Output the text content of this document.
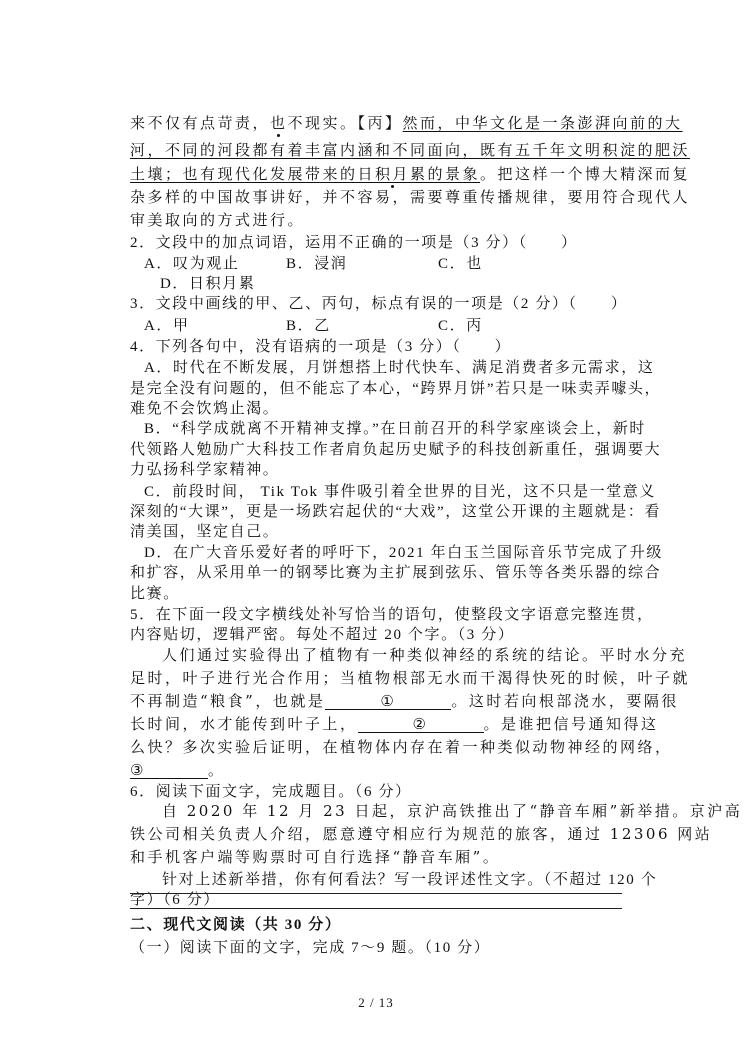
来不仅有点苛责，也不现实。【丙】然而，中华文化是一条澎湃向前的大
河，不同的河段都有着丰富内涵和不同面向，既有五千年文明积淀的肥沃
土壤；也有现代化发展带来的日积月累的景象。把这样一个博大精深而复
杂多样的中国故事讲好，并不容易，需要尊重传播规律，要用符合现代人
审美取向的方式进行。
2．文段中的加点词语，运用不正确的一项是（3 分）（　　）
A．叹为观止	B．浸润	C．也
D．日积月累
3．文段中画线的甲、乙、丙句，标点有误的一项是（2 分）（　　）
A．甲	B．乙	C．丙
4．下列各句中，没有语病的一项是（3 分）（　　）
A．时代在不断发展，月饼想搭上时代快车、满足消费者多元需求，这
是完全没有问题的，但不能忘了本心，“跨界月饼”若只是一味卖弄噱头，
难免不会饮鸩止渴。
B．“科学成就离不开精神支撑。”在日前召开的科学家座谈会上，新时
代领路人勉励广大科技工作者肩负起历史赋予的科技创新重任，强调要大
力弘扬科学家精神。
C．前段时间， Tik Tok 事件吸引着全世界的目光，这不只是一堂意义
深刻的“大课”，更是一场跌宕起伏的“大戏”，这堂公开课的主题就是：看
清美国，坚定自己。
D．在广大音乐爱好者的呼吁下，2021 年白玉兰国际音乐节完成了升级
和扩容，从采用单一的钢琴比赛为主扩展到弦乐、管乐等各类乐器的综合
比赛。
5．在下面一段文字横线处补写恰当的语句，使整段文字语意完整连贯，
内容贴切，逻辑严密。每处不超过 20 个字。（3 分）
人们通过实验得出了植物有一种类似神经的系统的结论。平时水分充
足时，叶子进行光合作用；当植物根部无水而干渴得快死的时候，叶子就
不再制造“粮食”，也就是	①	。这时若向根部浇水，要隔很
长时间，水才能传到叶子上，	②	。是谁把信号通知得这
么快？多次实验后证明，在植物体内存在着一种类似动物神经的网络，
③	。
6．阅读下面文字，完成题目。（6 分）
自 2020 年 12 月 23 日起，京沪高铁推出了“静音车厢”新举措。京沪高
铁公司相关负责人介绍，愿意遵守相应行为规范的旅客，通过 12306 网站
和手机客户端等购票时可自行选择“静音车厢”。
针对上述新举措，你有何看法？写一段评述性文字。（不超过 120 个
字）（6 分）
二、现代文阅读（共 30 分）
（一）阅读下面的文字，完成 7～9 题。（10 分）
2 / 13
